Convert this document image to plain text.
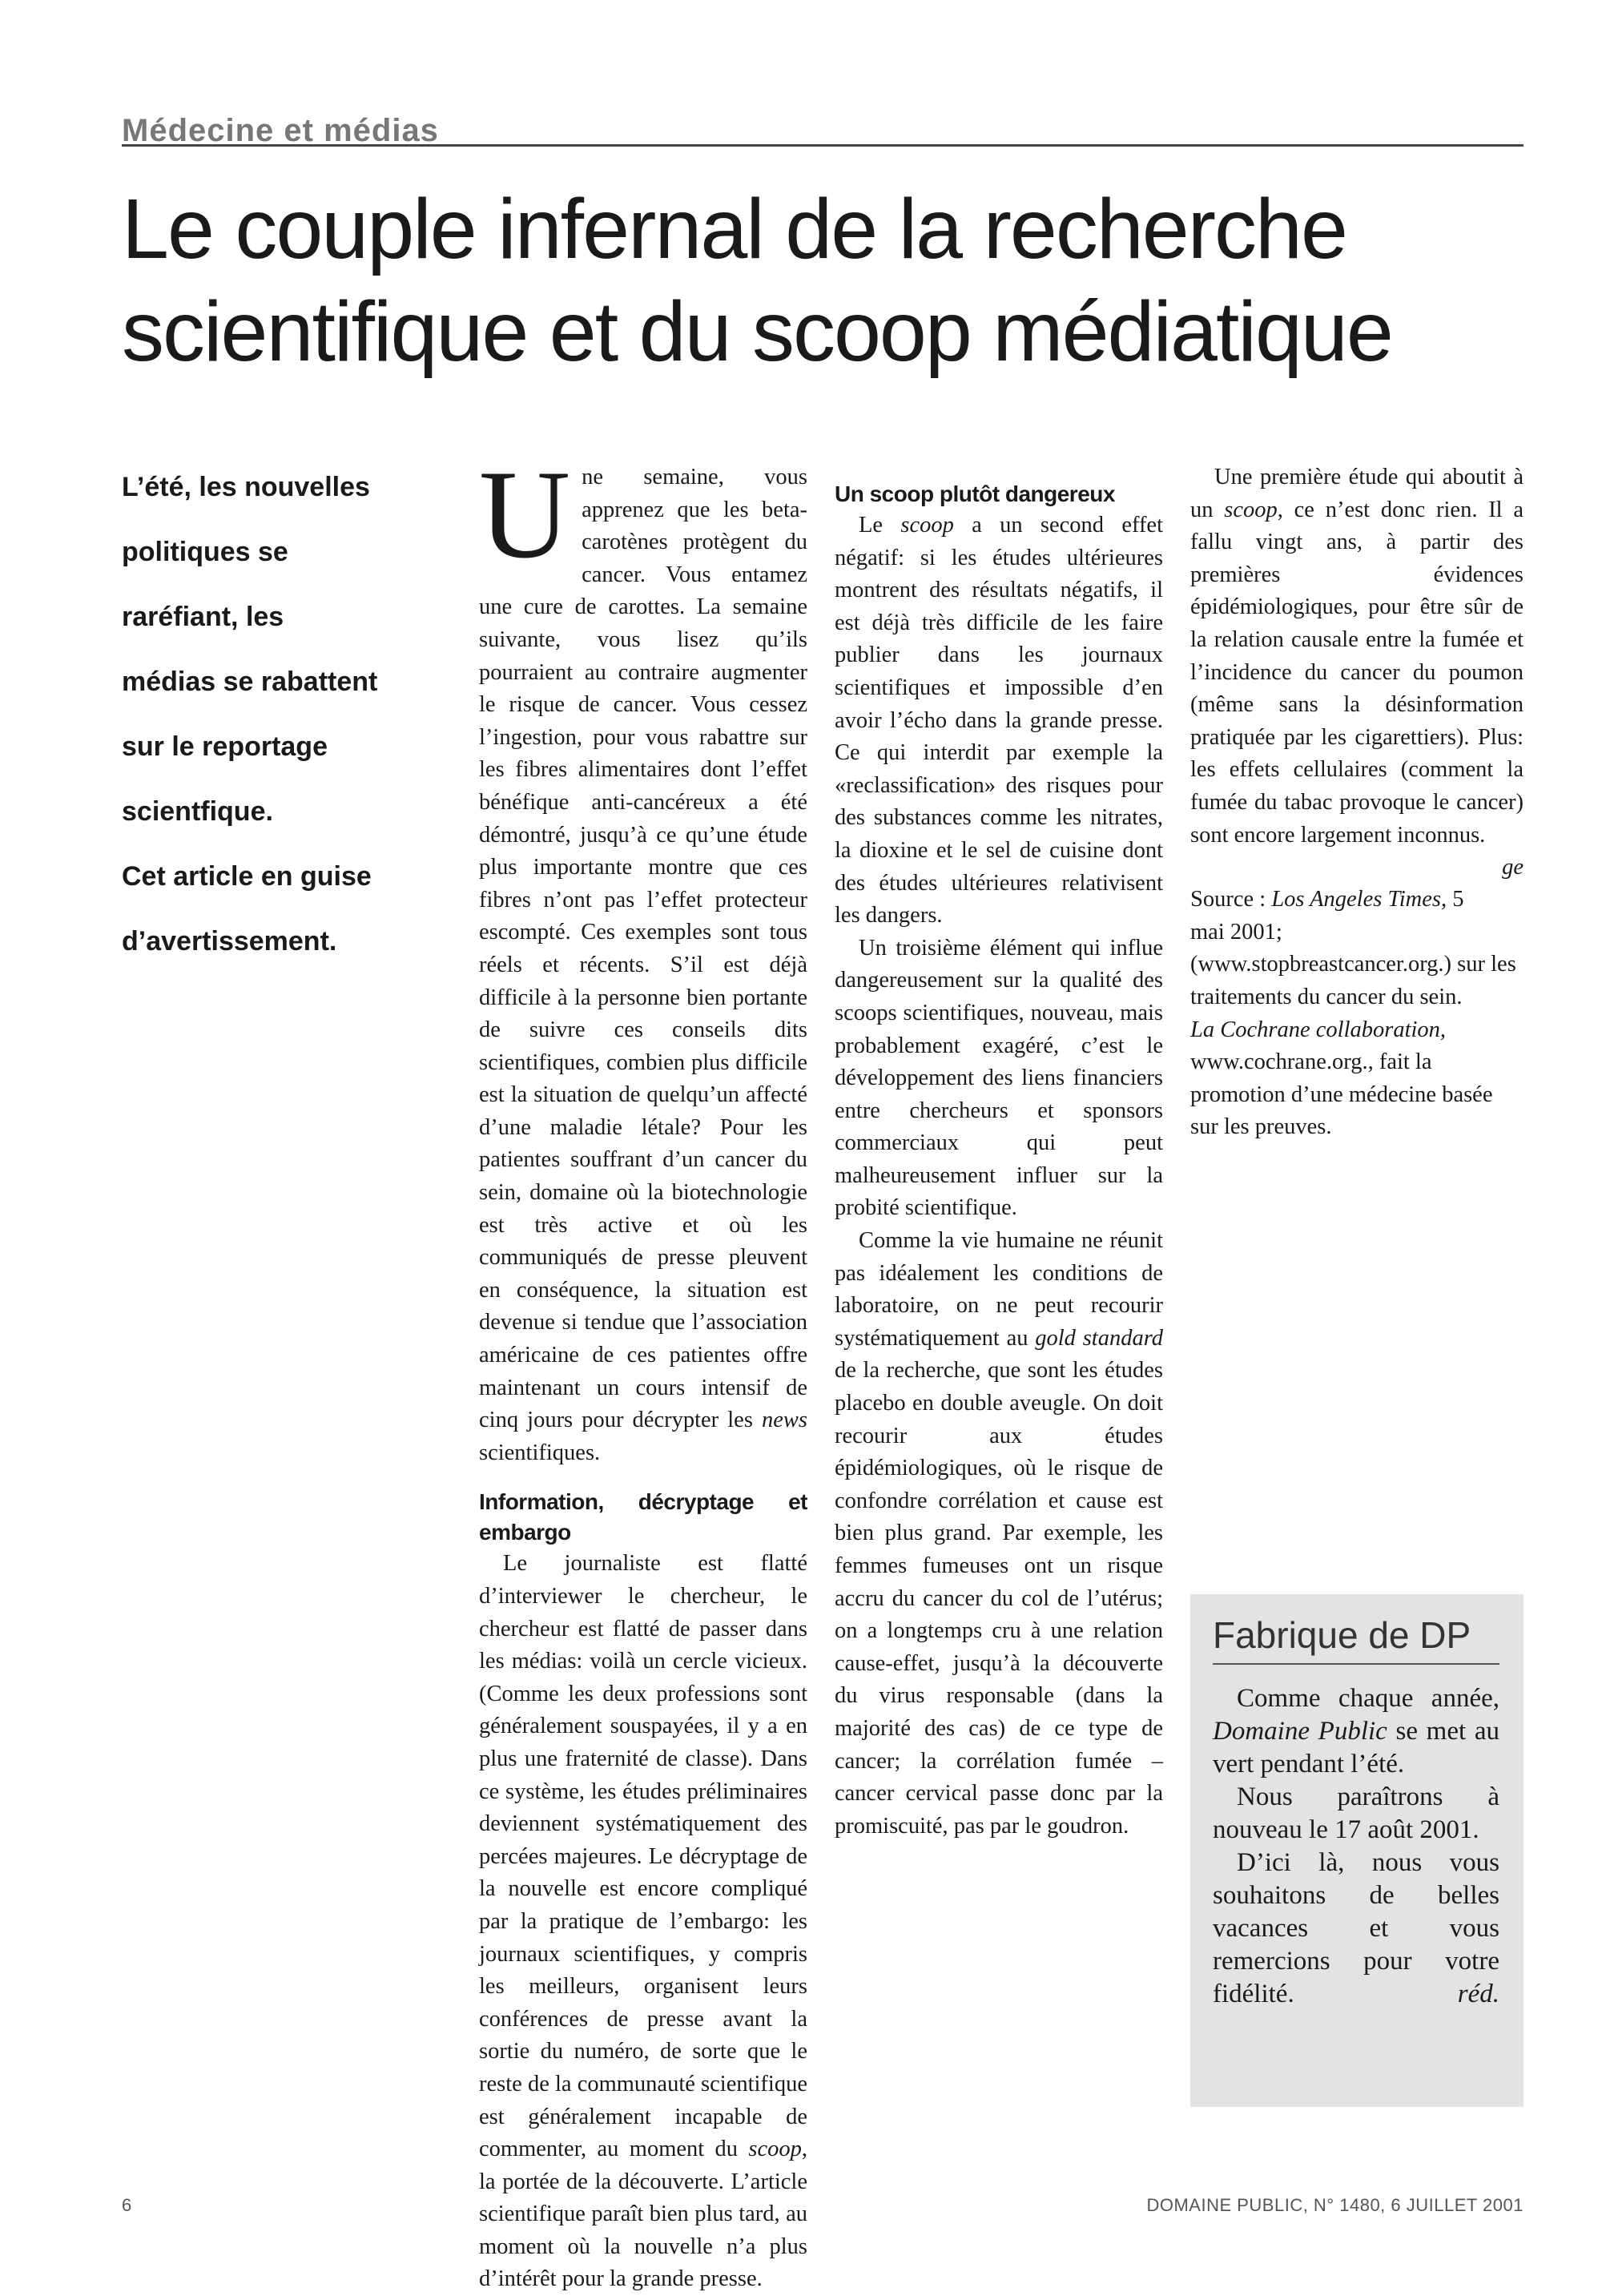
Médecine et médias
Le couple infernal de la recherche
scientifique et du scoop médiatique

L’été, les nouvelles

politiques se

raréfiant, les

médias se rabattent

sur le reportage

scientfique.

Cet article en guise

d’avertissement.

Une semaine, vous apprenez que les beta-carotènes protègent du cancer. Vous entamez une cure de carottes. La semaine suivante, vous lisez qu’ils pourraient au contraire augmenter le risque de cancer. Vous cessez l’ingestion, pour vous rabattre sur les fibres alimentaires dont l’effet bénéfique anti-cancéreux a été démontré, jusqu’à ce qu’une étude plus importante montre que ces fibres n’ont pas l’effet protecteur escompté. Ces exemples sont tous réels et récents. S’il est déjà difficile à la personne bien portante de suivre ces conseils dits scientifiques, combien plus difficile est la situation de quelqu’un affecté d’une maladie létale? Pour les patientes souffrant d’un cancer du sein, domaine où la biotechnologie est très active et où les communiqués de presse pleuvent en conséquence, la situation est devenue si tendue que l’association américaine de ces patientes offre maintenant un cours intensif de cinq jours pour décrypter les news scientifiques.

Information, décryptage et embargo

Le journaliste est flatté d’interviewer le chercheur, le chercheur est flatté de passer dans les médias: voilà un cercle vicieux. (Comme les deux professions sont généralement souspayées, il y a en plus une fraternité de classe). Dans ce système, les études préliminaires deviennent systématiquement des percées majeures. Le décryptage de la nouvelle est encore compliqué par la pratique de l’embargo: les journaux scientifiques, y compris les meilleurs, organisent leurs conférences de presse avant la sortie du numéro, de sorte que le reste de la communauté scientifique est généralement incapable de commenter, au moment du scoop, la portée de la découverte. L’article scientifique paraît bien plus tard, au moment où la nouvelle n’a plus d’intérêt pour la grande presse.

Un scoop plutôt dangereux

Le scoop a un second effet négatif: si les études ultérieures montrent des résultats négatifs, il est déjà très difficile de les faire publier dans les journaux scientifiques et impossible d’en avoir l’écho dans la grande presse. Ce qui interdit par exemple la «reclassification» des risques pour des substances comme les nitrates, la dioxine et le sel de cuisine dont des études ultérieures relativisent les dangers.

Un troisième élément qui influe dangereusement sur la qualité des scoops scientifiques, nouveau, mais probablement exagéré, c’est le développement des liens financiers entre chercheurs et sponsors commerciaux qui peut malheureusement influer sur la probité scientifique.

Comme la vie humaine ne réunit pas idéalement les conditions de laboratoire, on ne peut recourir systématiquement au gold standard de la recherche, que sont les études placebo en double aveugle. On doit recourir aux études épidémiologiques, où le risque de confondre corrélation et cause est bien plus grand. Par exemple, les femmes fumeuses ont un risque accru du cancer du col de l’utérus; on a longtemps cru à une relation cause-effet, jusqu’à la découverte du virus responsable (dans la majorité des cas) de ce type de cancer; la corrélation fumée – cancer cervical passe donc par la promiscuité, pas par le goudron.

Une première étude qui aboutit à un scoop, ce n’est donc rien. Il a fallu vingt ans, à partir des premières évidences épidémiologiques, pour être sûr de la relation causale entre la fumée et l’incidence du cancer du poumon (même sans la désinformation pratiquée par les cigarettiers). Plus: les effets cellulaires (comment la fumée du tabac provoque le cancer) sont encore largement inconnus.
ge

Source : Los Angeles Times, 5 mai 2001;

(www.stopbreastcancer.org.) sur les traitements du cancer du sein.

La Cochrane collaboration, www.cochrane.org., fait la promotion d’une médecine basée sur les preuves.

Fabrique de DP

Comme chaque année, Domaine Public se met au vert pendant l’été.

Nous paraîtrons à nouveau le 17 août 2001.

D’ici là, nous vous souhaitons de belles vacances et vous remercions pour votre fidélité.	réd.

6	DOMAINE PUBLIC, N° 1480, 6 JUILLET 2001
